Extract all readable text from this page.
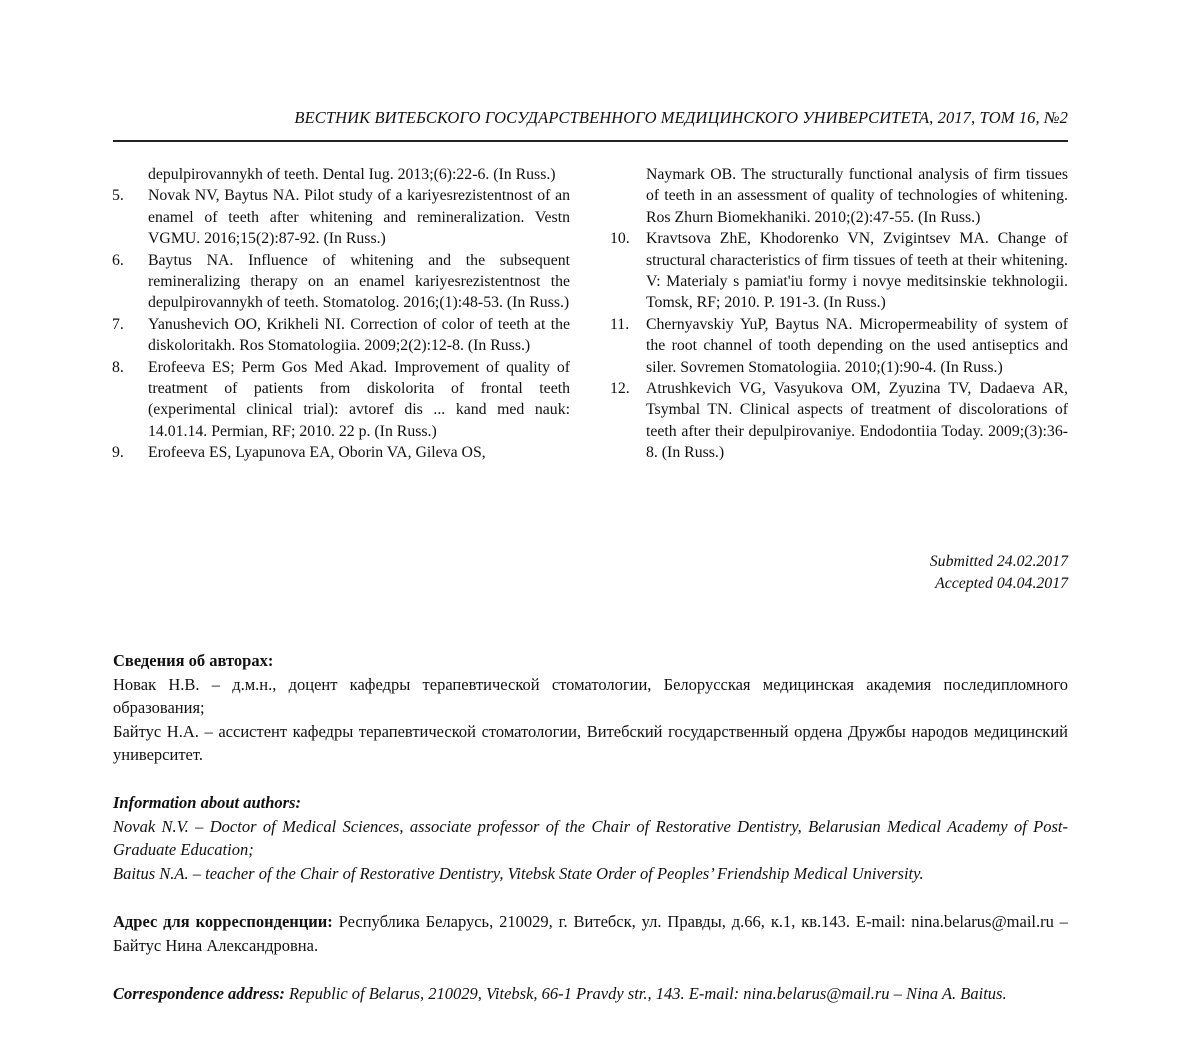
ВЕСТНИК ВИТЕБСКОГО ГОСУДАРСТВЕННОГО МЕДИЦИНСКОГО УНИВЕРСИТЕТА, 2017, ТОМ 16, №2
depulpirovannykh of teeth. Dental Iug. 2013;(6):22-6. (In Russ.)
5.	Novak NV, Baytus NA. Pilot study of a kariyesrezistentnost of an enamel of teeth after whitening and remineralization. Vestn VGMU. 2016;15(2):87-92. (In Russ.)
6.	Baytus NA. Influence of whitening and the subsequent remineralizing therapy on an enamel kariyesrezistentnost the depulpirovannykh of teeth. Stomatolog. 2016;(1):48-53. (In Russ.)
7.	Yanushevich OO, Krikheli NI. Correction of color of teeth at the diskoloritakh. Ros Stomatologiia. 2009;2(2):12-8. (In Russ.)
8.	Erofeeva ES; Perm Gos Med Akad. Improvement of quality of treatment of patients from diskolorita of frontal teeth (experimental clinical trial): avtoref dis ... kand med nauk: 14.01.14. Permian, RF; 2010. 22 p. (In Russ.)
9.	Erofeeva ES, Lyapunova EA, Oborin VA, Gileva OS,
Naymark OB. The structurally functional analysis of firm tissues of teeth in an assessment of quality of technologies of whitening. Ros Zhurn Biomekhaniki. 2010;(2):47-55. (In Russ.)
10.	Kravtsova ZhE, Khodorenko VN, Zvigintsev MA. Change of structural characteristics of firm tissues of teeth at their whitening. V: Materialy s pamiat'iu formy i novye meditsinskie tekhnologii. Tomsk, RF; 2010. P. 191-3. (In Russ.)
11.	Chernyavskiy YuP, Baytus NA. Micropermeability of system of the root channel of tooth depending on the used antiseptics and siler. Sovremen Stomatologiia. 2010;(1):90-4. (In Russ.)
12.	Atrushkevich VG, Vasyukova OM, Zyuzina TV, Dadaeva AR, Tsymbal TN. Clinical aspects of treatment of discolorations of teeth after their depulpirovaniye. Endodontiia Today. 2009;(3):36-8. (In Russ.)
Submitted 24.02.2017
Accepted 04.04.2017
Сведения об авторах:
Новак Н.В. – д.м.н., доцент кафедры терапевтической стоматологии, Белорусская медицинская академия последипломного образования;
Байтус Н.А. – ассистент кафедры терапевтической стоматологии, Витебский государственный ордена Дружбы народов медицинский университет.
Information about authors:
Novak N.V. – Doctor of Medical Sciences, associate professor of the Chair of Restorative Dentistry, Belarusian Medical Academy of Post-Graduate Education;
Baitus N.A. – teacher of the Chair of Restorative Dentistry, Vitebsk State Order of Peoples’ Friendship Medical University.
Адрес для корреспонденции: Республика Беларусь, 210029, г. Витебск, ул. Правды, д.66, к.1, кв.143. E-mail: nina.belarus@mail.ru – Байтус Нина Александровна.
Correspondence address: Republic of Belarus, 210029, Vitebsk, 66-1 Pravdy str., 143. E-mail: nina.belarus@mail.ru – Nina A. Baitus.
